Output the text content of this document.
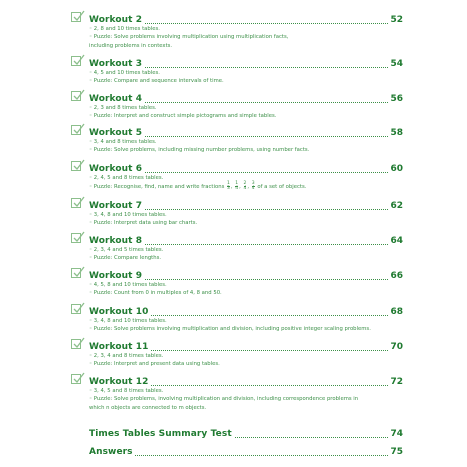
Workout 2	52
◦ 2, 8 and 10 times tables.
◦ Puzzle: Solve problems involving multiplication using multiplication facts,
including problems in contexts.
Workout 3	54
◦ 4, 5 and 10 times tables.
◦ Puzzle: Compare and sequence intervals of time.
Workout 4	56
◦ 2, 3 and 8 times tables.
◦ Puzzle: Interpret and construct simple pictograms and simple tables.
Workout 5	58
◦ 3, 4 and 8 times tables.
◦ Puzzle: Solve problems, including missing number problems, using number facts.
Workout 6	60
◦ 2, 4, 5 and 8 times tables.
◦ Puzzle: Recognise, find, name and write fractions $\frac{1}{3}$ , $\frac{1}{4}$ , $\frac{2}{4}$ , $\frac{3}{4}$ of a set of objects.
Workout 7	62
◦ 3, 4, 8 and 10 times tables.
◦ Puzzle: Interpret data using bar charts.
Workout 8	64
◦ 2, 3, 4 and 5 times tables.
◦ Puzzle: Compare lengths.
Workout 9	66
◦ 4, 5, 8 and 10 times tables.
◦ Puzzle: Count from 0 in multiples of 4, 8 and 50.
Workout 10	68
◦ 3, 4, 8 and 10 times tables.
◦ Puzzle: Solve problems involving multiplication and division, including positive integer scaling problems.
Workout 11	70
◦ 2, 3, 4 and 8 times tables.
◦ Puzzle: Interpret and present data using tables.
Workout 12	72
◦ 3, 4, 5 and 8 times tables.
◦ Puzzle: Solve problems, involving multiplication and division, including correspondence problems in
which n objects are connected to m objects.
Times Tables Summary Test	74
Answers	75
